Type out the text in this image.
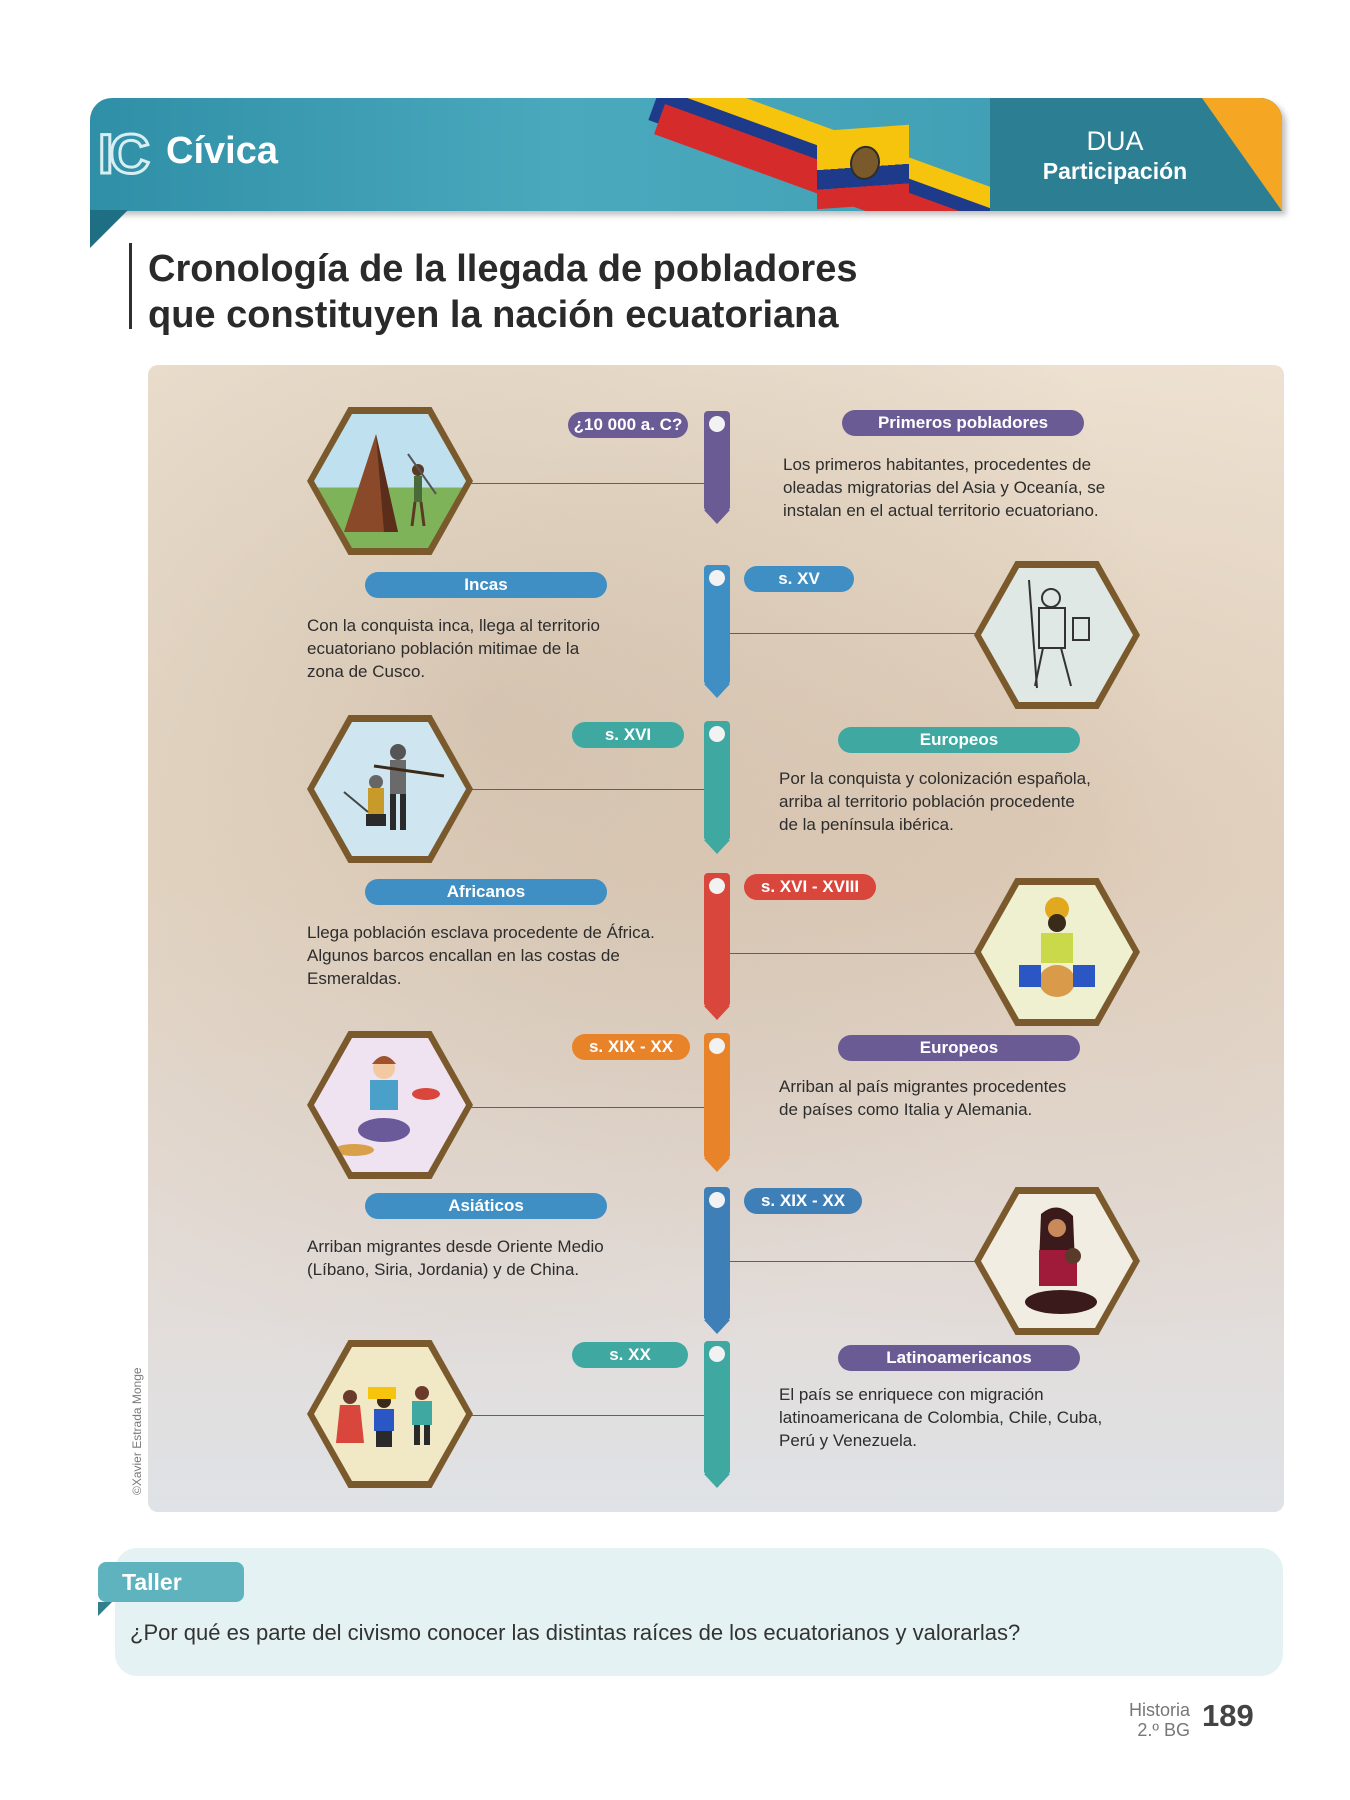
IC Cívica	DUA
Participación
Cronología de la llegada de pobladores
que constituyen la nación ecuatoriana
¿10 000 a. C?	Primeros pobladores
Los primeros habitantes, procedentes de
oleadas migratorias del Asia y Oceanía, se
instalan en el actual territorio ecuatoriano.
s. XV
Incas
Con la conquista inca, llega al territorio
ecuatoriano población mitimae de la
zona de Cusco.
s. XVI	Europeos
Por la conquista y colonización española,
arriba al territorio población procedente
de la península ibérica.
s. XVI - XVIII
Africanos
Llega población esclava procedente de África.
Algunos barcos encallan en las costas de
Esmeraldas.
s. XIX - XX	Europeos
Arriban al país migrantes procedentes
de países como Italia y Alemania.
s. XIX - XX
Asiáticos
Arriban migrantes desde Oriente Medio
(Líbano, Siria, Jordania) y de China.
s. XX	Latinoamericanos
El país se enriquece con migración
latinoamericana de Colombia, Chile, Cuba,
Perú y Venezuela.
©Xavier Estrada Monge
Taller
¿Por qué es parte del civismo conocer las distintas raíces de los ecuatorianos y valorarlas?
Historia
2.º BG 189
